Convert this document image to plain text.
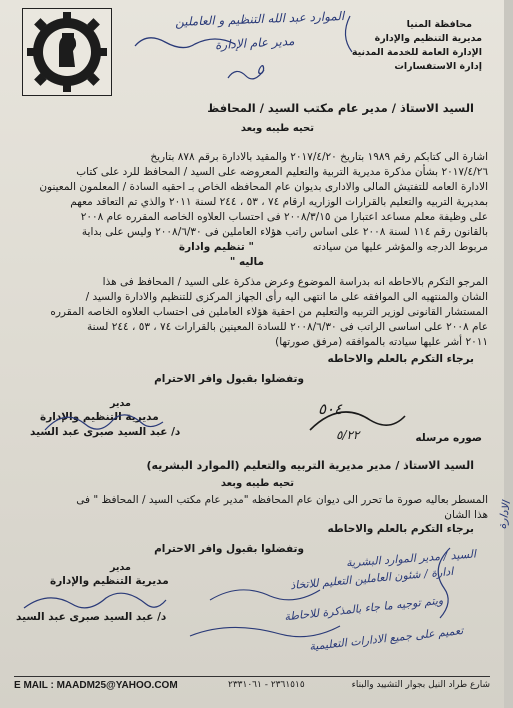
محافظة المنيا
مديرية التنظيم والإدارة
الإدارة العامة للخدمة المدنية
إدارة الاستفسارات
الموارد عبد الله التنظيم و العاملين
مدير عام الإدارة
٥
السيد الاستاذ / مدير عام مكتب السيد / المحافظ
تحيه طيبه وبعد
اشارة الى كتابكم رقم ١٩٨٩ بتاريخ ٢٠١٧/٤/٢٠ والمقيد بالادارة برقم ٨٧٨ بتاريخ
٢٠١٧/٤/٢٦ بشأن مذكرة مديرية التربية والتعليم المعروضه على السيد / المحافظ للرد على كتاب
الادارة العامه للتفتيش المالى والادارى بديوان عام المحافظه الخاص بـ احقيه السادة / المعلمون المعينون
بمديرية التربيه والتعليم بالقرارات الوزاريه ارقام ٧٤ ، ٥٣ ، ٢٤٤ لسنة ٢٠١١ والذي تم التعاقد معهم
على وظيفة معلم مساعد اعتبارا من ٢٠٠٨/٣/١٥ فى احتساب العلاوه الخاصه المقرره عام ٢٠٠٨
بالقانون رقم ١١٤ لسنة ٢٠٠٨ على اساس راتب هؤلاء العاملين فى ٢٠٠٨/٦/٣٠ ولیس على بداية
مربوط الدرجه والمؤشر عليها من سيادته
" تنظيم وادارة
ماليه "
المرجو التكرم بالاحاطه انه بدراسة الموضوع وعرض مذكرة على السيد / المحافظ فى هذا
الشان والمنتهيه الى الموافقه على ما انتهى اليه رأى الجهاز المركزى للتنظيم والادارة والسيد /
المستشار القانونى لوزير التربيه والتعليم من احقية هؤلاء العاملين فى احتساب العلاوه الخاصه المقرره
عام ٢٠٠٨ على اساسى الراتب فى ٢٠٠٨/٦/٣٠ للسادة المعينين بالقرارات ٧٤ ، ٥٣ ، ٢٤٤ لسنة
٢٠١١ أشر عليها سيادته بالموافقه (مرفق صورتها)
برجاء التكرم بالعلم والاحاطه
وتفضلوا بقبول وافر الاحترام
مدير
مديرية التنظيم والإدارة
د/ عبد السيد صبرى عبد السيد
٥٠٤
٥/٢٢	صوره مرسله
السيد الاستاذ / مدير مديرية التربيه والتعليم (الموارد البشريه)
تحيه طيبه وبعد
المسطر بعاليه صورة ما تحرر الى ديوان عام المحافظه "مدير عام مكتب السيد / المحافظ " فى
هذا الشان
برجاء التكرم بالعلم والاحاطه
وتفضلوا بقبول وافر الاحترام
مدير
مديرية التنظيم والإدارة
د/ عبد السيد صبرى عبد السيد
السيد / مدير الموارد البشرية
ادارة / شئون العاملين التعليم للاتخاذ
ويتم توجيه ما جاء بالمذكرة للاحاطة
تعميم على جميع الادارات التعليمية
الادارة
E MAIL : MAADM25@YAHOO.COM	٢٣٦١٥١٥ - ٢٣٣١٠٦١	شارع طراد النيل بجوار التشييد والبناء
